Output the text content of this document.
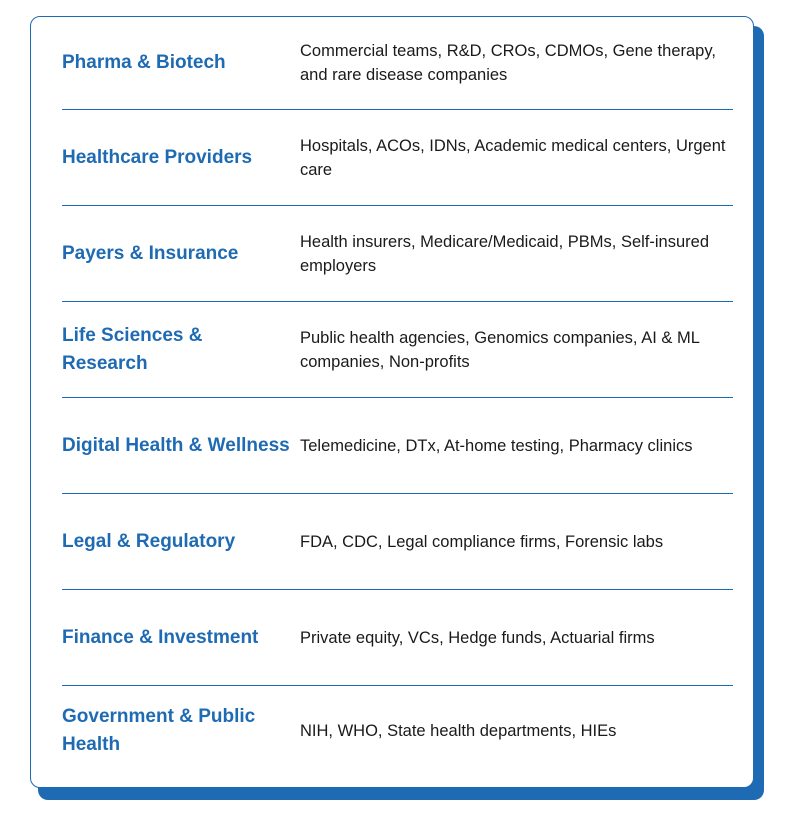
Pharma & Biotech
Commercial teams, R&D, CROs, CDMOs, Gene therapy, and rare disease companies
Healthcare Providers
Hospitals, ACOs, IDNs, Academic medical centers, Urgent care
Payers & Insurance
Health insurers, Medicare/Medicaid, PBMs, Self-insured employers
Life Sciences & Research
Public health agencies, Genomics companies, AI & ML companies, Non-profits
Digital Health & Wellness Telemedicine, DTx, At-home testing, Pharmacy clinics
Legal & Regulatory	FDA, CDC, Legal compliance firms, Forensic labs
Finance & Investment	Private equity, VCs, Hedge funds, Actuarial firms
Government & Public Health
NIH, WHO, State health departments, HIEs
